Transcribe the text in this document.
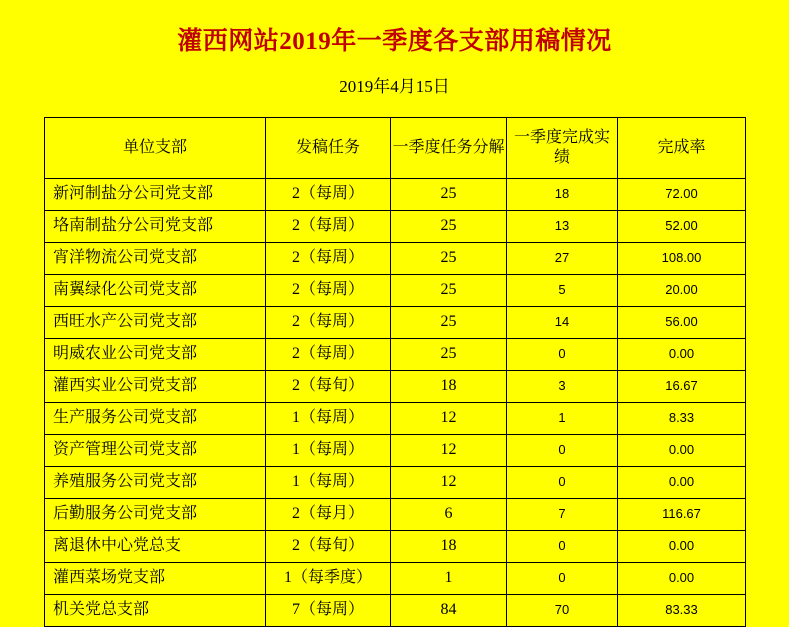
灌西网站2019年一季度各支部用稿情况
2019年4月15日
单位支部	发稿任务	一季度任务分解	一季度完成实绩	完成率
新河制盐分公司党支部	2（每周）	25	18	72.00
垎南制盐分公司党支部	2（每周）	25	13	52.00
宵洋物流公司党支部	2（每周）	25	27	108.00
南翼绿化公司党支部	2（每周）	25	5	20.00
西旺水产公司党支部	2（每周）	25	14	56.00
明威农业公司党支部	2（每周）	25	0	0.00
灌西实业公司党支部	2（每旬）	18	3	16.67
生产服务公司党支部	1（每周）	12	1	8.33
资产管理公司党支部	1（每周）	12	0	0.00
养殖服务公司党支部	1（每周）	12	0	0.00
后勤服务公司党支部	2（每月）	6	7	116.67
离退休中心党总支	2（每旬）	18	0	0.00
灌西菜场党支部	1（每季度）	1	0	0.00
机关党总支部	7（每周）	84	70	83.33
